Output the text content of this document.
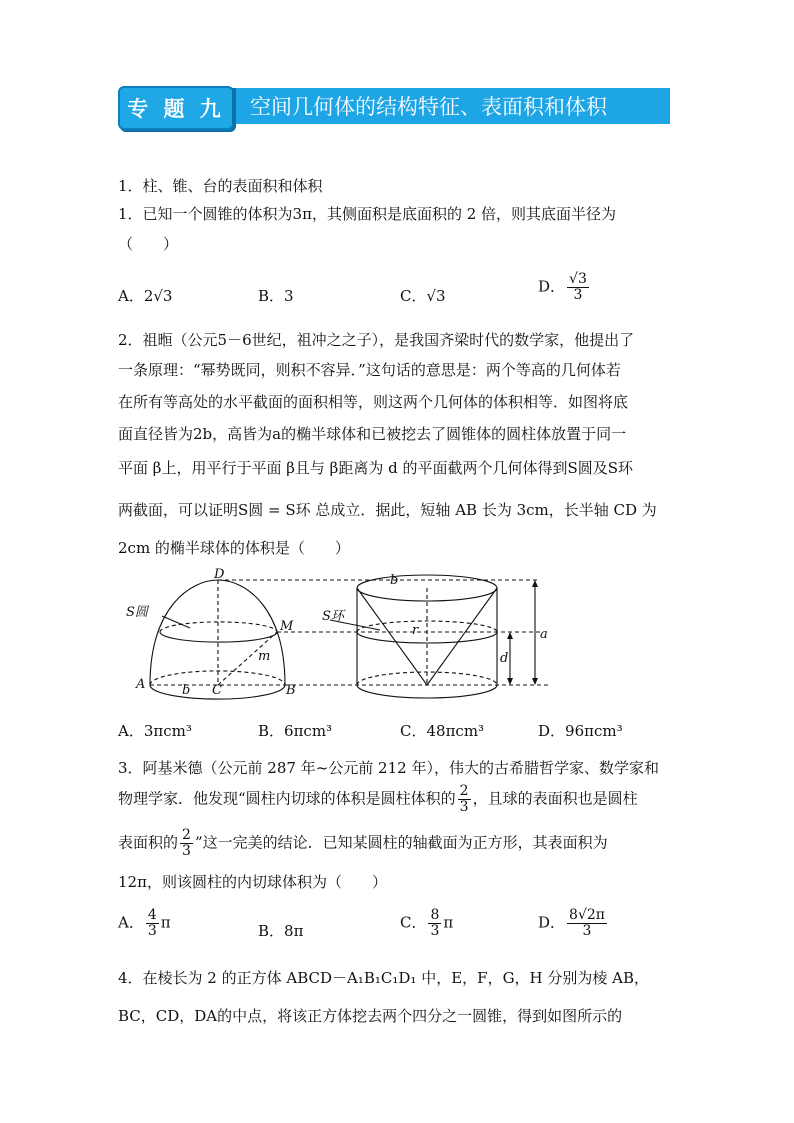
专 题 九	空间几何体的结构特征、表面积和体积
1．柱、锥、台的表面积和体积
1．已知一个圆锥的体积为3π，其侧面积是底面积的 2 倍，则其底面半径为
（　　）
A．2√3	B．3	C．√3
D． $\frac{√3}{3}$
2．祖暅（公元5－6世纪，祖冲之之子），是我国齐梁时代的数学家，他提出了
一条原理：“幂势既同，则积不容异．”这句话的意思是：两个等高的几何体若
在所有等高处的水平截面的面积相等，则这两个几何体的体积相等．如图将底
面直径皆为2b，高皆为a的椭半球体和已被挖去了圆锥体的圆柱体放置于同一
平面 β上，用平行于平面 β且与 β距离为 d 的平面截两个几何体得到S圆及S环
两截面，可以证明S圆 = S环 总成立．据此，短轴 AB 长为 3cm，长半轴 CD 为
2cm 的椭半球体的体积是（　　）
D
S圆
M
m
A	b C	B
b
S环
r	a
d
A．3πcm³	B．6πcm³	C．48πcm³	D．96πcm³
3．阿基米德（公元前 287 年~公元前 212 年），伟大的古希腊哲学家、数学家和
物理学家．他发现“圆柱内切球的体积是圆柱体积的 $\frac{2}{3}$ ，且球的表面积也是圆柱
表面积的 $\frac{2}{3}$ ”这一完美的结论．已知某圆柱的轴截面为正方形，其表面积为
12π，则该圆柱的内切球体积为（　　）
A． $\frac{4}{3}$ π	B．8π	C． $\frac{8}{3}$ π	D． $\frac{8√2\pi}{3}$
4．在棱长为 2 的正方体 ABCD－A₁B₁C₁D₁ 中，E，F，G，H 分别为棱 AB，
BC，CD，DA的中点，将该正方体挖去两个四分之一圆锥，得到如图所示的
